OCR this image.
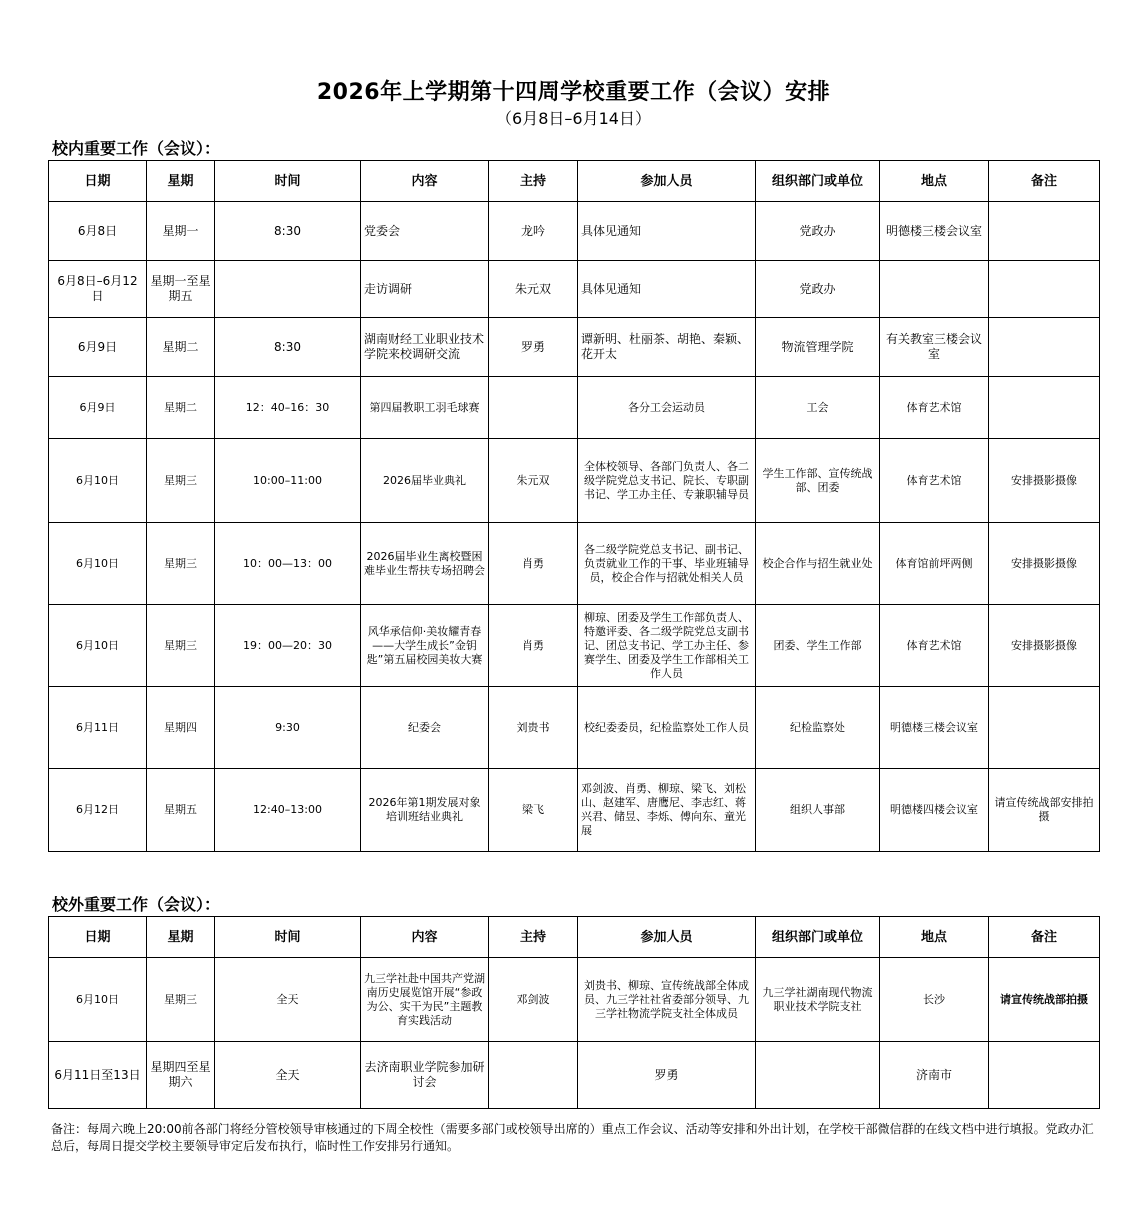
2026年上学期第十四周学校重要工作（会议）安排
（6月8日–6月14日）
校内重要工作（会议）：
日期	星期	时间	内容	主持	参加人员	组织部门或单位	地点	备注
6月8日	星期一	8:30	党委会	龙吟	具体见通知	党政办	明德楼三楼会议室	
6月8日–6月12日	星期一至星期五		走访调研	朱元双	具体见通知	党政办		
6月9日	星期二	8:30	湖南财经工业职业技术学院来校调研交流	罗勇	谭新明、杜丽茶、胡艳、秦颖、花开太	物流管理学院	有关教室三楼会议室	
6月9日	星期二	12：40–16：30	第四届教职工羽毛球赛		各分工会运动员	工会	体育艺术馆	
6月10日	星期三	10:00–11:00	2026届毕业典礼	朱元双	全体校领导、各部门负责人、各二级学院党总支书记、院长、专职副书记、学工办主任、专兼职辅导员	学生工作部、宣传统战部、团委	体育艺术馆	安排摄影摄像
6月10日	星期三	10：00—13：00	2026届毕业生离校暨困难毕业生帮扶专场招聘会	肖勇	各二级学院党总支书记、副书记、负责就业工作的干事、毕业班辅导员，校企合作与招就处相关人员	校企合作与招生就业处	体育馆前坪两侧	安排摄影摄像
6月10日	星期三	19：00—20：30	风华承信仰·美妆耀青春——大学生成长”金钥匙”第五届校园美妆大赛	肖勇	柳琼、团委及学生工作部负责人、特邀评委、各二级学院党总支副书记、团总支书记、学工办主任、参赛学生、团委及学生工作部相关工作人员	团委、学生工作部	体育艺术馆	安排摄影摄像
6月11日	星期四	9:30	纪委会	刘贵书	校纪委委员，纪检监察处工作人员	纪检监察处	明德楼三楼会议室	
6月12日	星期五	12:40–13:00	2026年第1期发展对象培训班结业典礼	梁飞	邓剑波、肖勇、柳琼、梁飞、刘松山、赵建军、唐鹰尼、李志红、蒋兴君、储昱、李烁、傅向东、童光展	组织人事部	明德楼四楼会议室	请宣传统战部安排拍摄
校外重要工作（会议）：
日期	星期	时间	内容	主持	参加人员	组织部门或单位	地点	备注
6月10日	星期三	全天	九三学社赴中国共产党湖南历史展览馆开展“参政为公、实干为民”主题教育实践活动	邓剑波	刘贵书、柳琼、宣传统战部全体成员、九三学社社省委部分领导、九三学社物流学院支社全体成员	九三学社湖南现代物流职业技术学院支社	长沙	请宣传统战部拍摄
6月11日至13日	星期四至星期六	全天	去济南职业学院参加研讨会		罗勇		济南市	
备注：每周六晚上20:00前各部门将经分管校领导审核通过的下周全校性（需要多部门或校领导出席的）重点工作会议、活动等安排和外出计划，在学校干部微信群的在线文档中进行填报。党政办汇总后，每周日提交学校主要领导审定后发布执行，临时性工作安排另行通知。
